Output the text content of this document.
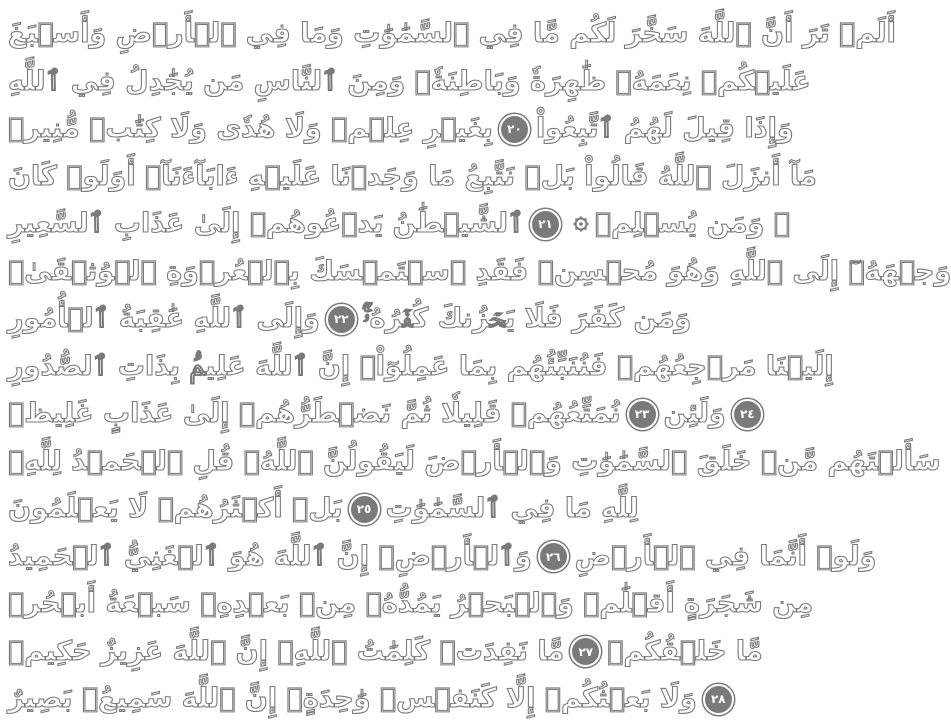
أَلَمۡ تَرَ أَنَّ ٱللَّهَ سَخَّرَ لَكُم مَّا فِي ٱلسَّمَٰوَٰتِ وَمَا فِي ٱلۡأَرۡضِ وَأَسۡبَغَ
عَلَيۡكُمۡ نِعَمَهُۥ ظَٰهِرَةٗ وَبَاطِنَةٗۗ وَمِنَ ٱلنَّاسِ مَن يُجَٰدِلُ فِي ٱللَّهِ
بِغَيۡرِ عِلۡمٖ وَلَا هُدٗى وَلَا كِتَٰبٖ مُّنِيرٖ	٢٠ وَإِذَا قِيلَ لَهُمُ ٱتَّبِعُواْ
مَآ أَنزَلَ ٱللَّهُ قَالُواْ بَلۡ نَتَّبِعُ مَا وَجَدۡنَا عَلَيۡهِ ءَابَآءَنَآۚ أَوَلَوۡ كَانَ
ٱلشَّيۡطَٰنُ يَدۡعُوهُمۡ إِلَىٰ عَذَابِ ٱلسَّعِيرِ	٢١	۞ وَمَن يُسۡلِمۡ
وَجۡهَهُۥٓ إِلَى ٱللَّهِ وَهُوَ مُحۡسِنٞ فَقَدِ ٱسۡتَمۡسَكَ بِٱلۡعُرۡوَةِ ٱلۡوُثۡقَىٰۗ
وَإِلَى ٱللَّهِ عَٰقِبَةُ ٱلۡأُمُورِ	٢٢ وَمَن كَفَرَ فَلَا يَحۡزُنكَ كُفۡرُهُۥٓۚ
إِلَيۡنَا مَرۡجِعُهُمۡ فَنُنَبِّئُهُم بِمَا عَمِلُوٓاْۚ إِنَّ ٱللَّهَ عَلِيمُۢ بِذَاتِ ٱلصُّدُورِ
نُمَتِّعُهُمۡ قَلِيلٗا ثُمَّ نَضۡطَرُّهُمۡ إِلَىٰ عَذَابٍ غَلِيظٖ	٢٣ وَلَئِن	٢٤
سَأَلۡتَهُم مَّنۡ خَلَقَ ٱلسَّمَٰوَٰتِ وَٱلۡأَرۡضَ لَيَقُولُنَّ ٱللَّهُۚ قُلِ ٱلۡحَمۡدُ لِلَّهِۚ
بَلۡ أَكۡثَرُهُمۡ لَا يَعۡلَمُونَ	٢٥ لِلَّهِ مَا فِي ٱلسَّمَٰوَٰتِ
وَٱلۡأَرۡضِۚ إِنَّ ٱللَّهَ هُوَ ٱلۡغَنِيُّ ٱلۡحَمِيدُ	٢٦ وَلَوۡ أَنَّمَا فِي ٱلۡأَرۡضِ
مِن شَجَرَةٍ أَقۡلَٰمٞ وَٱلۡبَحۡرُ يَمُدُّهُۥ مِنۢ بَعۡدِهِۦ سَبۡعَةُ أَبۡحُرٖ
مَّا نَفِدَتۡ كَلِمَٰتُ ٱللَّهِۚ إِنَّ ٱللَّهَ عَزِيزٌ حَكِيمٞ	٢٧ مَّا خَلۡقُكُمۡ
وَلَا بَعۡثُكُمۡ إِلَّا كَنَفۡسٖ وَٰحِدَةٍۚ إِنَّ ٱللَّهَ سَمِيعُۢ بَصِيرٌ	٢٨
